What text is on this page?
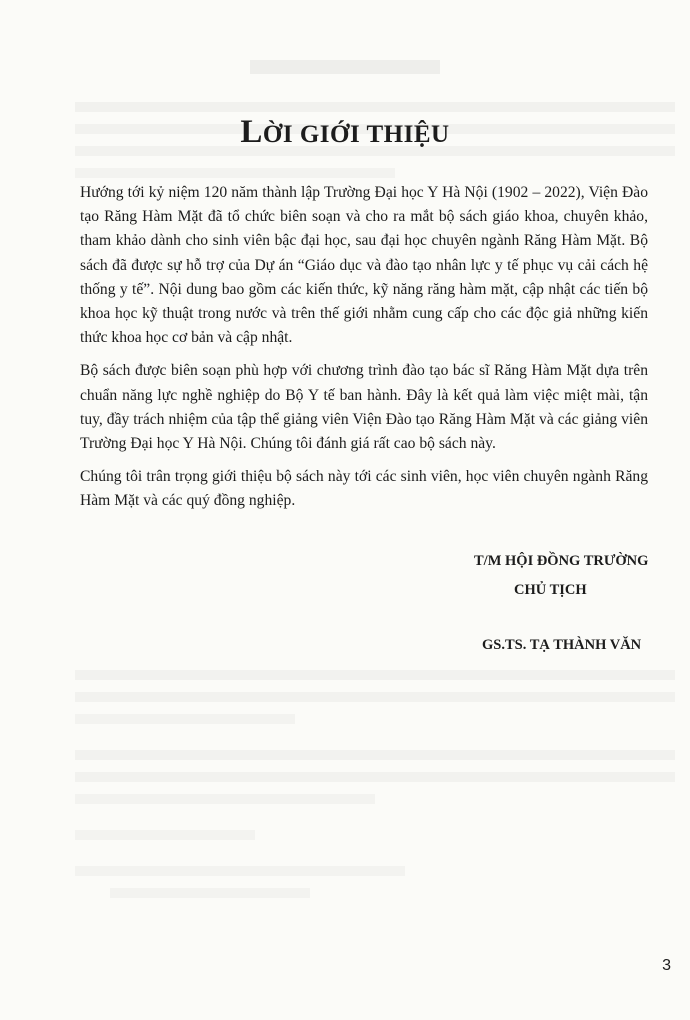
LỜI GIỚI THIỆU

Hướng tới kỷ niệm 120 năm thành lập Trường Đại học Y Hà Nội (1902 – 2022), Viện Đào tạo Răng Hàm Mặt đã tổ chức biên soạn và cho ra mắt bộ sách giáo khoa, chuyên khảo, tham khảo dành cho sinh viên bậc đại học, sau đại học chuyên ngành Răng Hàm Mặt. Bộ sách đã được sự hỗ trợ của Dự án “Giáo dục và đào tạo nhân lực y tế phục vụ cải cách hệ thống y tế”. Nội dung bao gồm các kiến thức, kỹ năng răng hàm mặt, cập nhật các tiến bộ khoa học kỹ thuật trong nước và trên thế giới nhằm cung cấp cho các độc giả những kiến thức khoa học cơ bản và cập nhật.

Bộ sách được biên soạn phù hợp với chương trình đào tạo bác sĩ Răng Hàm Mặt dựa trên chuẩn năng lực nghề nghiệp do Bộ Y tế ban hành. Đây là kết quả làm việc miệt mài, tận tuy, đầy trách nhiệm của tập thể giảng viên Viện Đào tạo Răng Hàm Mặt và các giảng viên Trường Đại học Y Hà Nội. Chúng tôi đánh giá rất cao bộ sách này.

Chúng tôi trân trọng giới thiệu bộ sách này tới các sinh viên, học viên chuyên ngành Răng Hàm Mặt và các quý đồng nghiệp.

T/M HỘI ĐỒNG TRƯỜNG
CHỦ TỊCH
GS.TS. TẠ THÀNH VĂN
3
